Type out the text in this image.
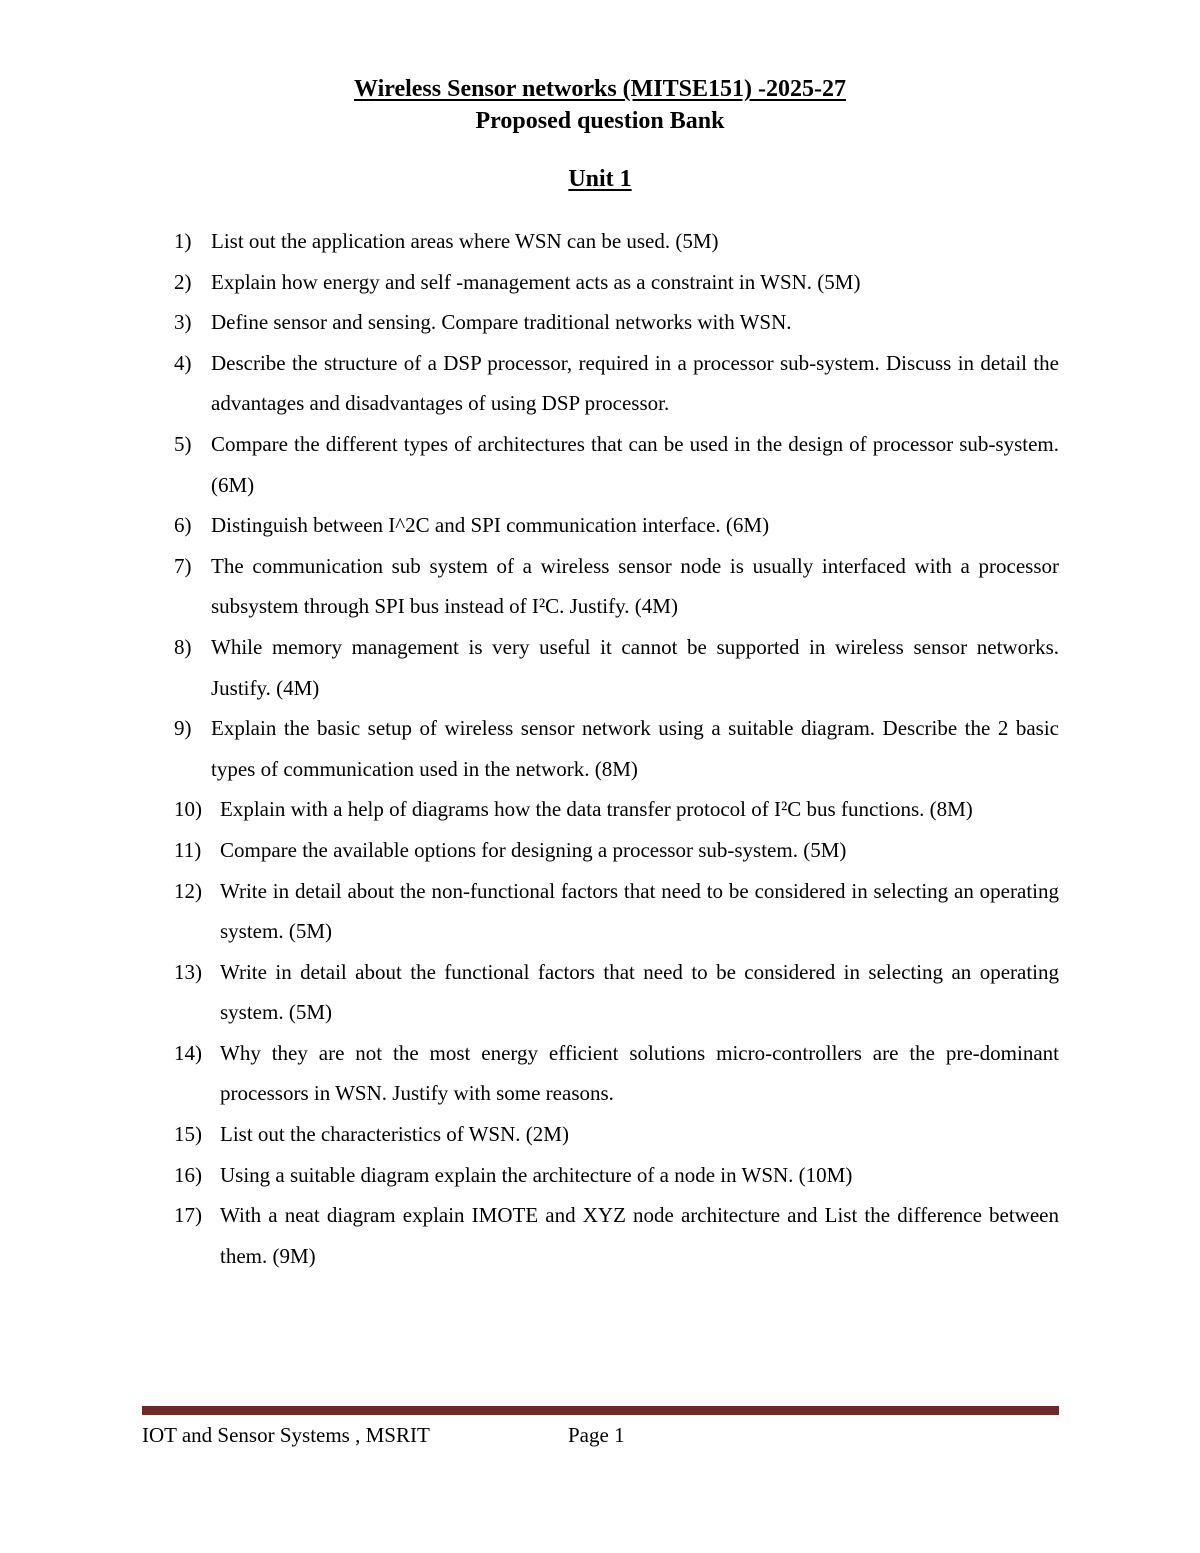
Wireless Sensor networks (MITSE151) -2025-27
Proposed question Bank
Unit 1
1) List out the application areas where WSN can be used. (5M)
2) Explain how energy and self -management acts as a constraint in WSN. (5M)
3) Define sensor and sensing. Compare traditional networks with WSN.
4) Describe the structure of a DSP processor, required in a processor sub-system. Discuss in detail the advantages and disadvantages of using DSP processor.
5) Compare the different types of architectures that can be used in the design of processor sub-system. (6M)
6) Distinguish between I^2C and SPI communication interface. (6M)
7) The communication sub system of a wireless sensor node is usually interfaced with a processor subsystem through SPI bus instead of I²C. Justify. (4M)
8) While memory management is very useful it cannot be supported in wireless sensor networks. Justify. (4M)
9) Explain the basic setup of wireless sensor network using a suitable diagram. Describe the 2 basic types of communication used in the network. (8M)
10) Explain with a help of diagrams how the data transfer protocol of I²C bus functions. (8M)
11) Compare the available options for designing a processor sub-system. (5M)
12) Write in detail about the non-functional factors that need to be considered in selecting an operating system. (5M)
13) Write in detail about the functional factors that need to be considered in selecting an operating system. (5M)
14) Why they are not the most energy efficient solutions micro-controllers are the pre-dominant processors in WSN. Justify with some reasons.
15) List out the characteristics of WSN. (2M)
16) Using a suitable diagram explain the architecture of a node in WSN. (10M)
17) With a neat diagram explain IMOTE and XYZ node architecture and List the difference between them. (9M)
IOT and Sensor Systems , MSRIT	Page 1
